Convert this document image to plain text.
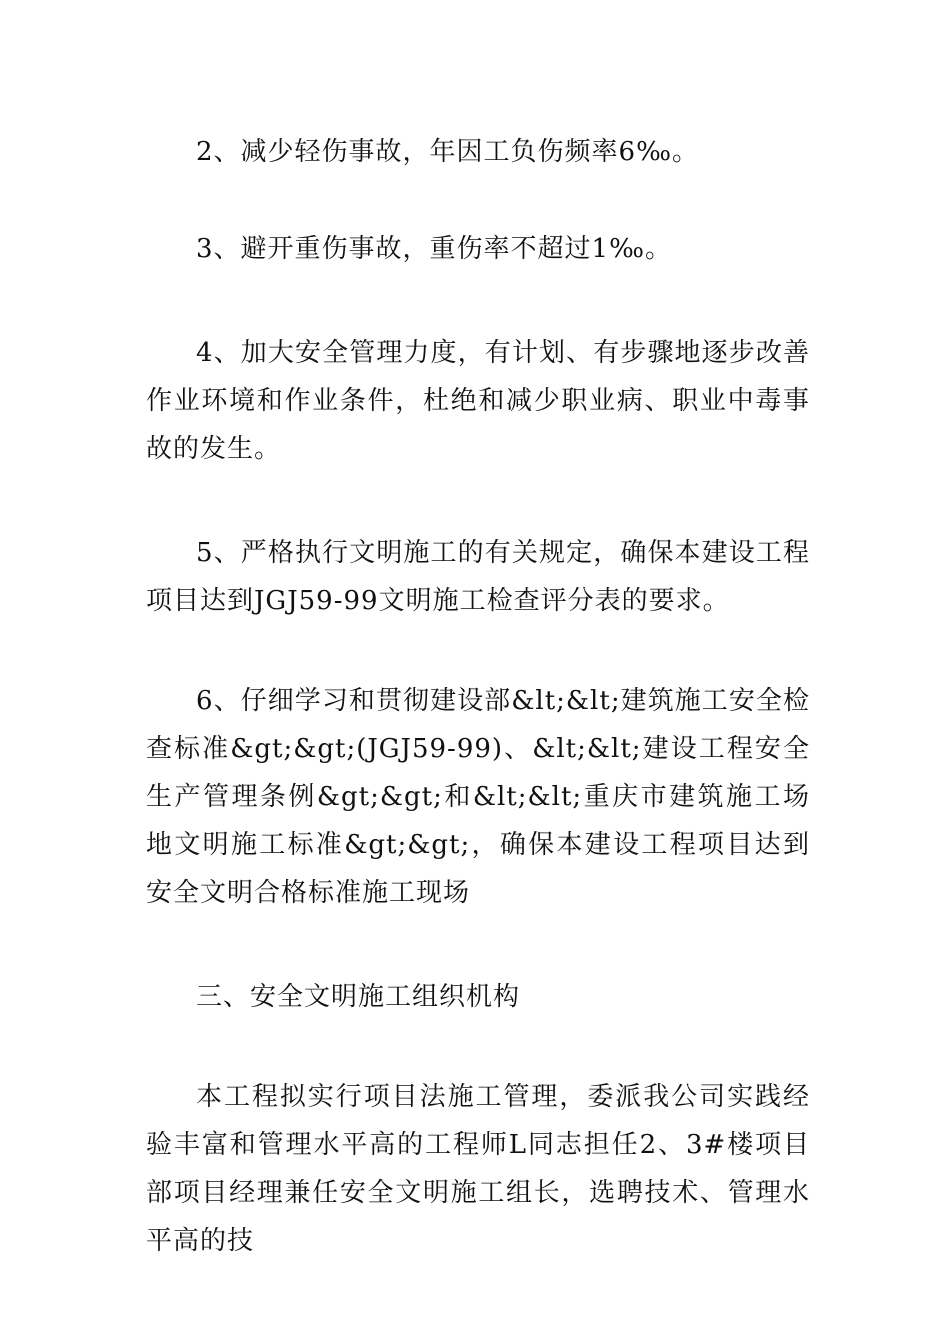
2、减少轻伤事故，年因工负伤频率6‰。

3、避开重伤事故，重伤率不超过1‰。

4、加大安全管理力度，有计划、有步骤地逐步改善作业环境和作业条件，杜绝和减少职业病、职业中毒事故的发生。

5、严格执行文明施工的有关规定，确保本建设工程项目达到JGJ59-99文明施工检查评分表的要求。

6、仔细学习和贯彻建设部&lt;&lt;建筑施工安全检查标准&gt;&gt;(JGJ59-99)、&lt;&lt;建设工程安全生产管理条例&gt;&gt;和&lt;&lt;重庆市建筑施工场地文明施工标准&gt;&gt;，确保本建设工程项目达到安全文明合格标准施工现场

三、安全文明施工组织机构

本工程拟实行项目法施工管理，委派我公司实践经验丰富和管理水平高的工程师L同志担任2、3#楼项目部项目经理兼任安全文明施工组长，选聘技术、管理水平高的技
